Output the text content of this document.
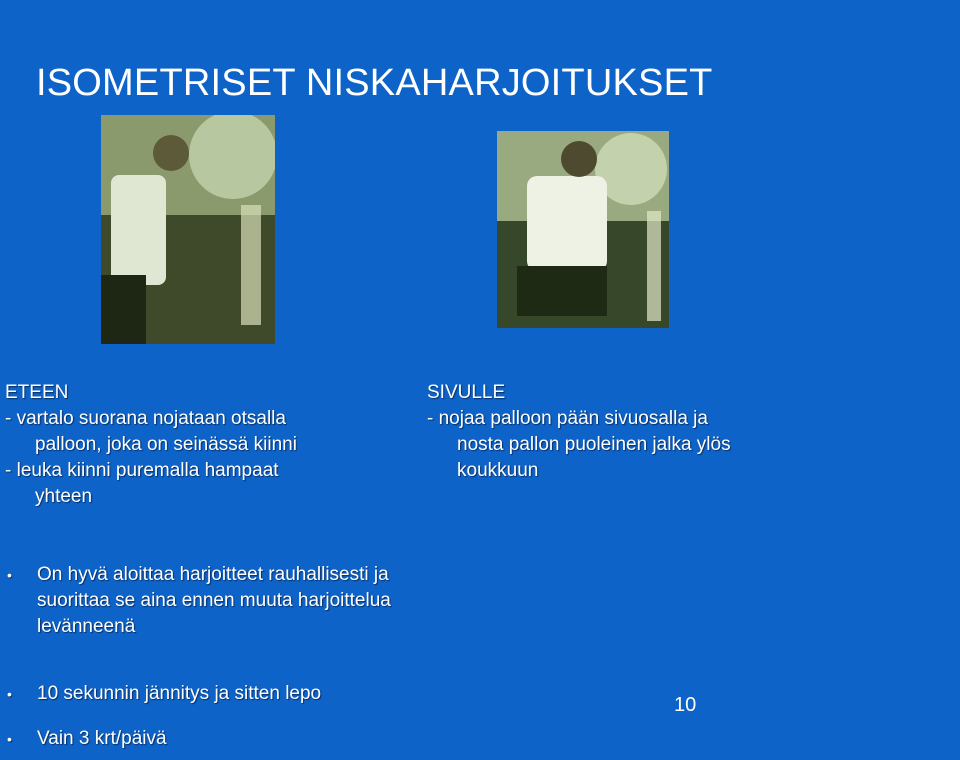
ISOMETRISET NISKAHARJOITUKSET
ETEEN
- vartalo suorana nojataan otsalla
palloon, joka on seinässä kiinni
- leuka kiinni puremalla hampaat
yhteen
SIVULLE
- nojaa palloon pään sivuosalla ja
nosta pallon puoleinen jalka ylös
koukkuun
• On hyvä aloittaa harjoitteet rauhallisesti ja suorittaa se aina ennen muuta harjoittelua levänneenä
• 10 sekunnin jännitys ja sitten lepo
• Vain 3 krt/päivä
10
